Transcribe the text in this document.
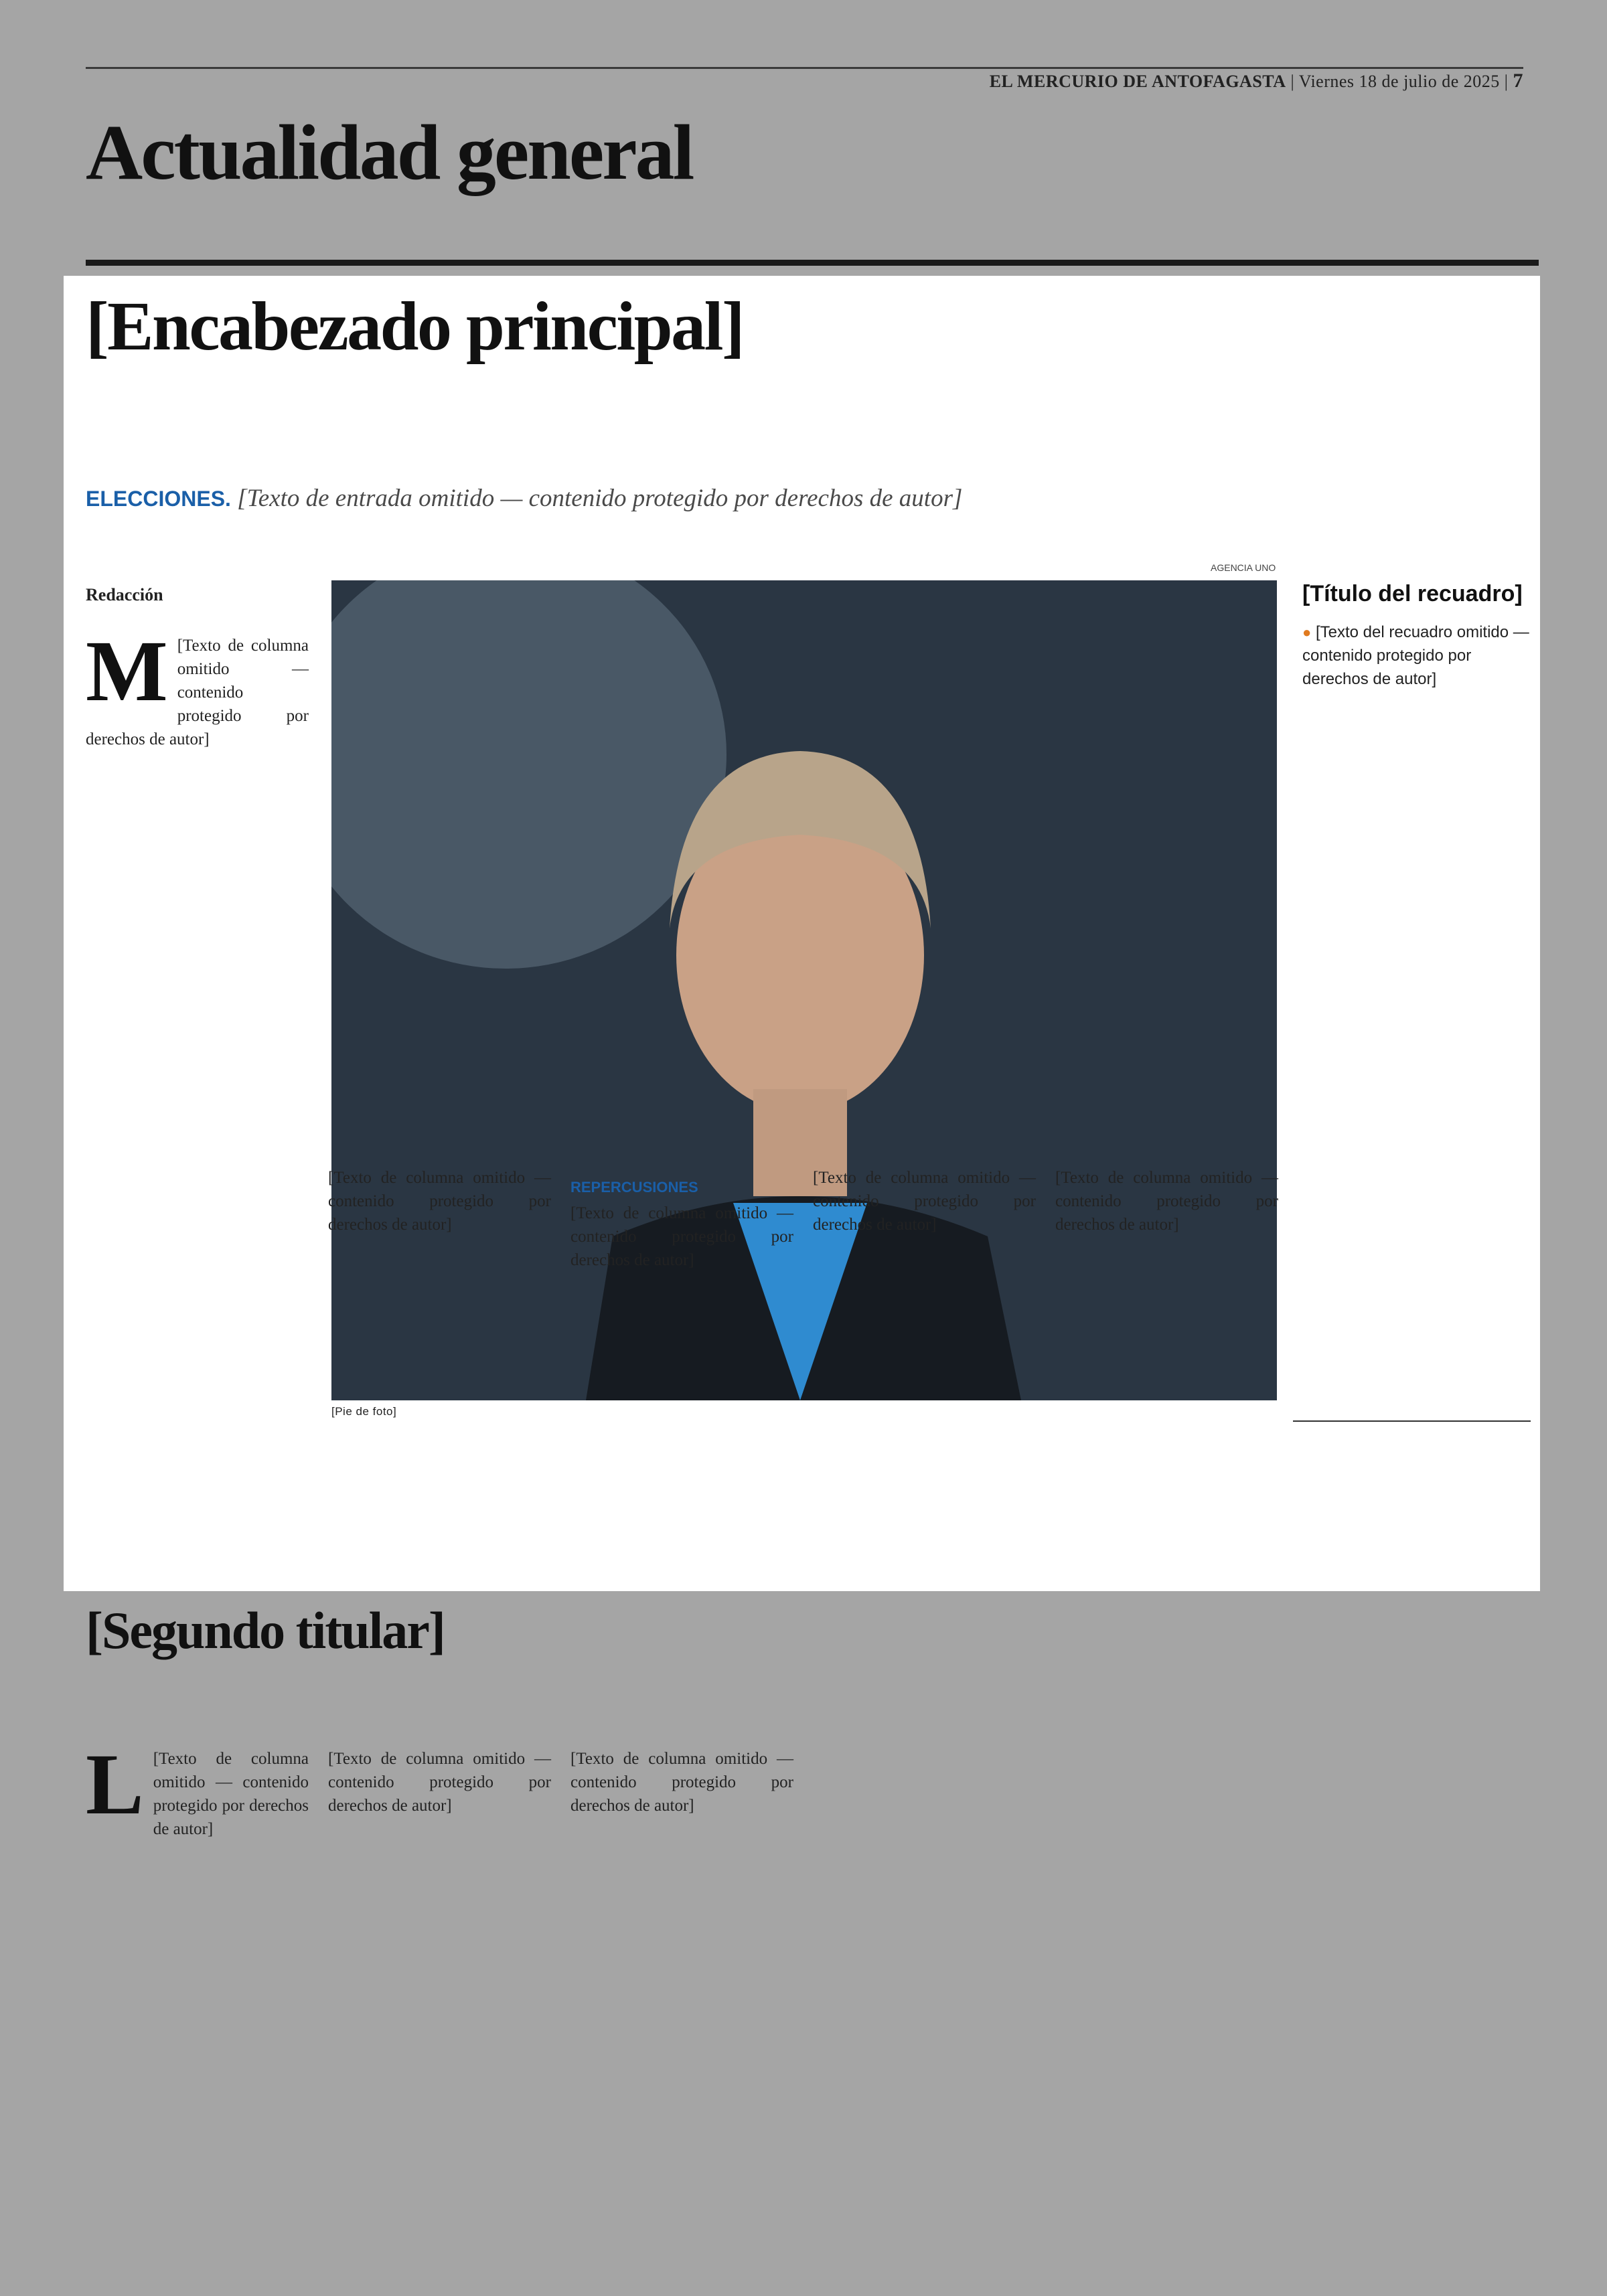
EL MERCURIO DE ANTOFAGASTA | Viernes 18 de julio de 2025 | 7
Actualidad general
[Encabezado principal]
ELECCIONES. [Texto de entrada omitido — contenido protegido por derechos de autor]
AGENCIA UNO
Redacción
[Pie de foto]
M [Texto de columna omitido — contenido protegido por derechos de autor]

[Texto de columna omitido — contenido protegido por derechos de autor]

REPERCUSIONES

[Texto de columna omitido — contenido protegido por derechos de autor]

[Texto de columna omitido — contenido protegido por derechos de autor]

[Texto de columna omitido — contenido protegido por derechos de autor]

[Título del recuadro]
● [Texto del recuadro omitido — contenido protegido por derechos de autor]
[Segundo titular]
L [Texto de columna omitido — contenido protegido por derechos de autor]

[Texto de columna omitido — contenido protegido por derechos de autor]

[Texto de columna omitido — contenido protegido por derechos de autor]
